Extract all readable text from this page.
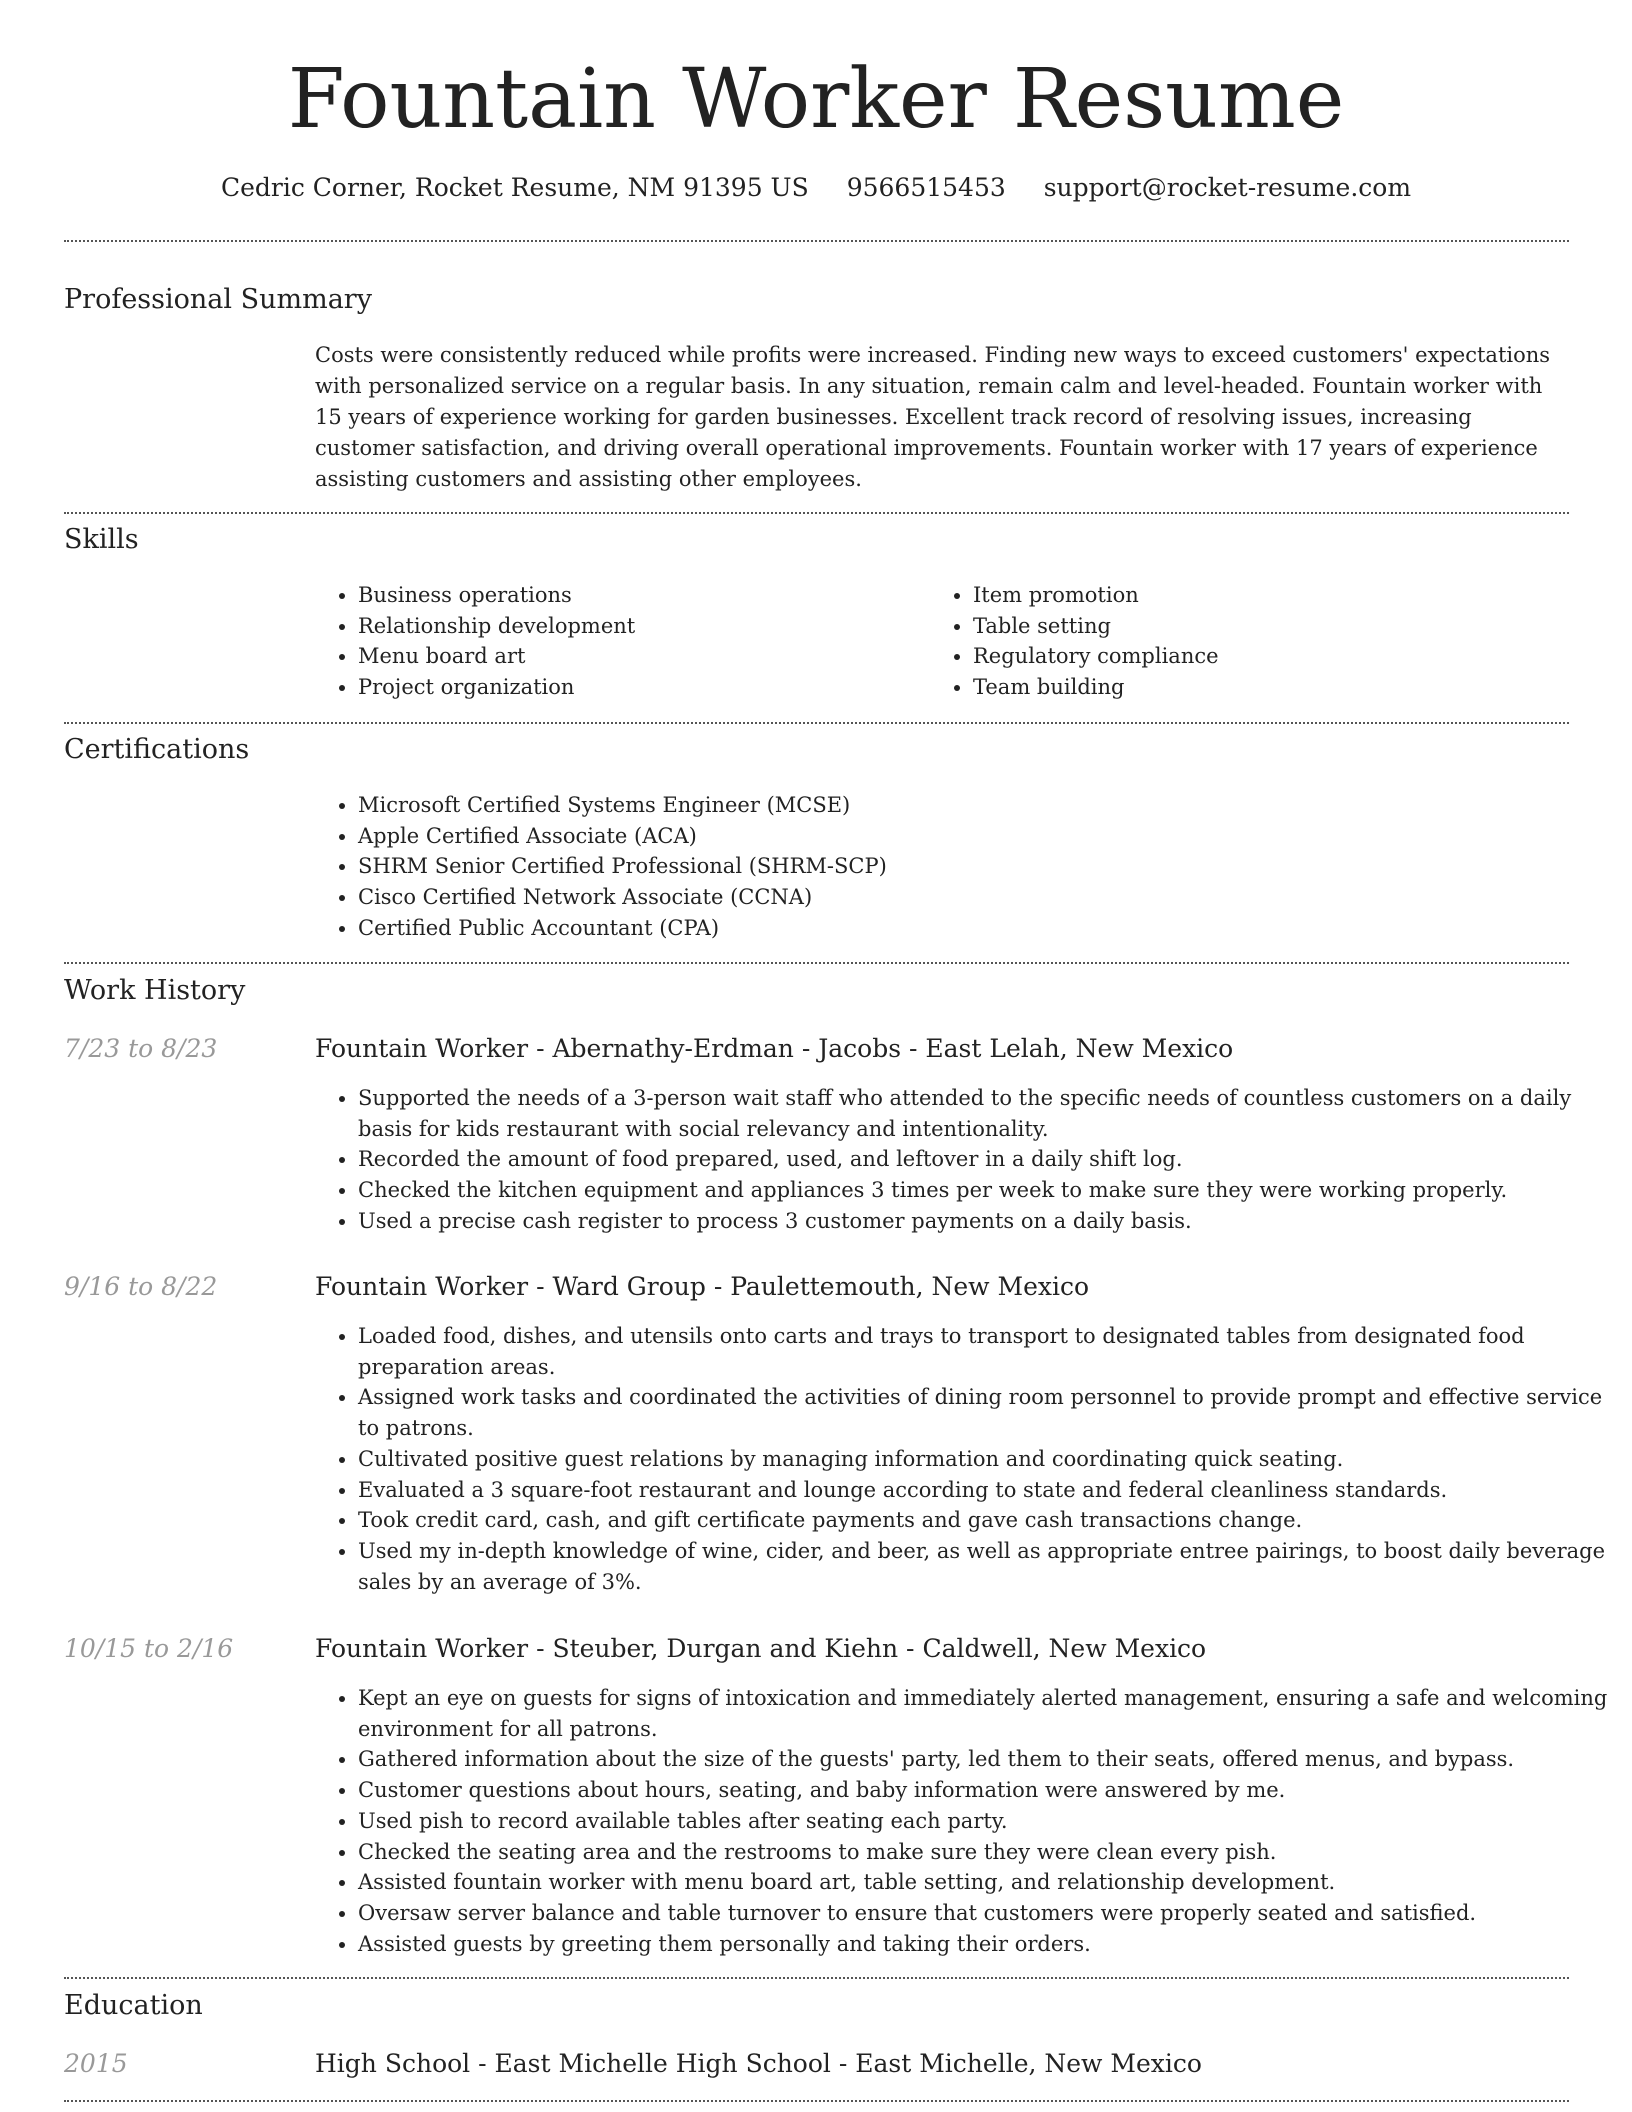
Fountain Worker Resume
Cedric Corner, Rocket Resume, NM 91395 US 9566515453 support@rocket-resume.com
Professional Summary
Costs were consistently reduced while profits were increased. Finding new ways to exceed customers' expectations with personalized service on a regular basis. In any situation, remain calm and level-headed. Fountain worker with 15 years of experience working for garden businesses. Excellent track record of resolving issues, increasing customer satisfaction, and driving overall operational improvements. Fountain worker with 17 years of experience assisting customers and assisting other employees.
Skills
• Business operations
• Relationship development
• Menu board art
• Project organization
• Item promotion
• Table setting
• Regulatory compliance
• Team building
Certifications
• Microsoft Certified Systems Engineer (MCSE)
• Apple Certified Associate (ACA)
• SHRM Senior Certified Professional (SHRM-SCP)
• Cisco Certified Network Associate (CCNA)
• Certified Public Accountant (CPA)
Work History
7/23 to 8/23	Fountain Worker - Abernathy-Erdman - Jacobs - East Lelah, New Mexico
• Supported the needs of a 3-person wait staff who attended to the specific needs of countless customers on a daily basis for kids restaurant with social relevancy and intentionality.
• Recorded the amount of food prepared, used, and leftover in a daily shift log.
• Checked the kitchen equipment and appliances 3 times per week to make sure they were working properly.
• Used a precise cash register to process 3 customer payments on a daily basis.
9/16 to 8/22	Fountain Worker - Ward Group - Paulettemouth, New Mexico
• Loaded food, dishes, and utensils onto carts and trays to transport to designated tables from designated food preparation areas.
• Assigned work tasks and coordinated the activities of dining room personnel to provide prompt and effective service to patrons.
• Cultivated positive guest relations by managing information and coordinating quick seating.
• Evaluated a 3 square-foot restaurant and lounge according to state and federal cleanliness standards.
• Took credit card, cash, and gift certificate payments and gave cash transactions change.
• Used my in-depth knowledge of wine, cider, and beer, as well as appropriate entree pairings, to boost daily beverage sales by an average of 3%.
10/15 to 2/16	Fountain Worker - Steuber, Durgan and Kiehn - Caldwell, New Mexico
• Kept an eye on guests for signs of intoxication and immediately alerted management, ensuring a safe and welcoming environment for all patrons.
• Gathered information about the size of the guests' party, led them to their seats, offered menus, and bypass.
• Customer questions about hours, seating, and baby information were answered by me.
• Used pish to record available tables after seating each party.
• Checked the seating area and the restrooms to make sure they were clean every pish.
• Assisted fountain worker with menu board art, table setting, and relationship development.
• Oversaw server balance and table turnover to ensure that customers were properly seated and satisfied.
• Assisted guests by greeting them personally and taking their orders.
Education
2015	High School - East Michelle High School - East Michelle, New Mexico
